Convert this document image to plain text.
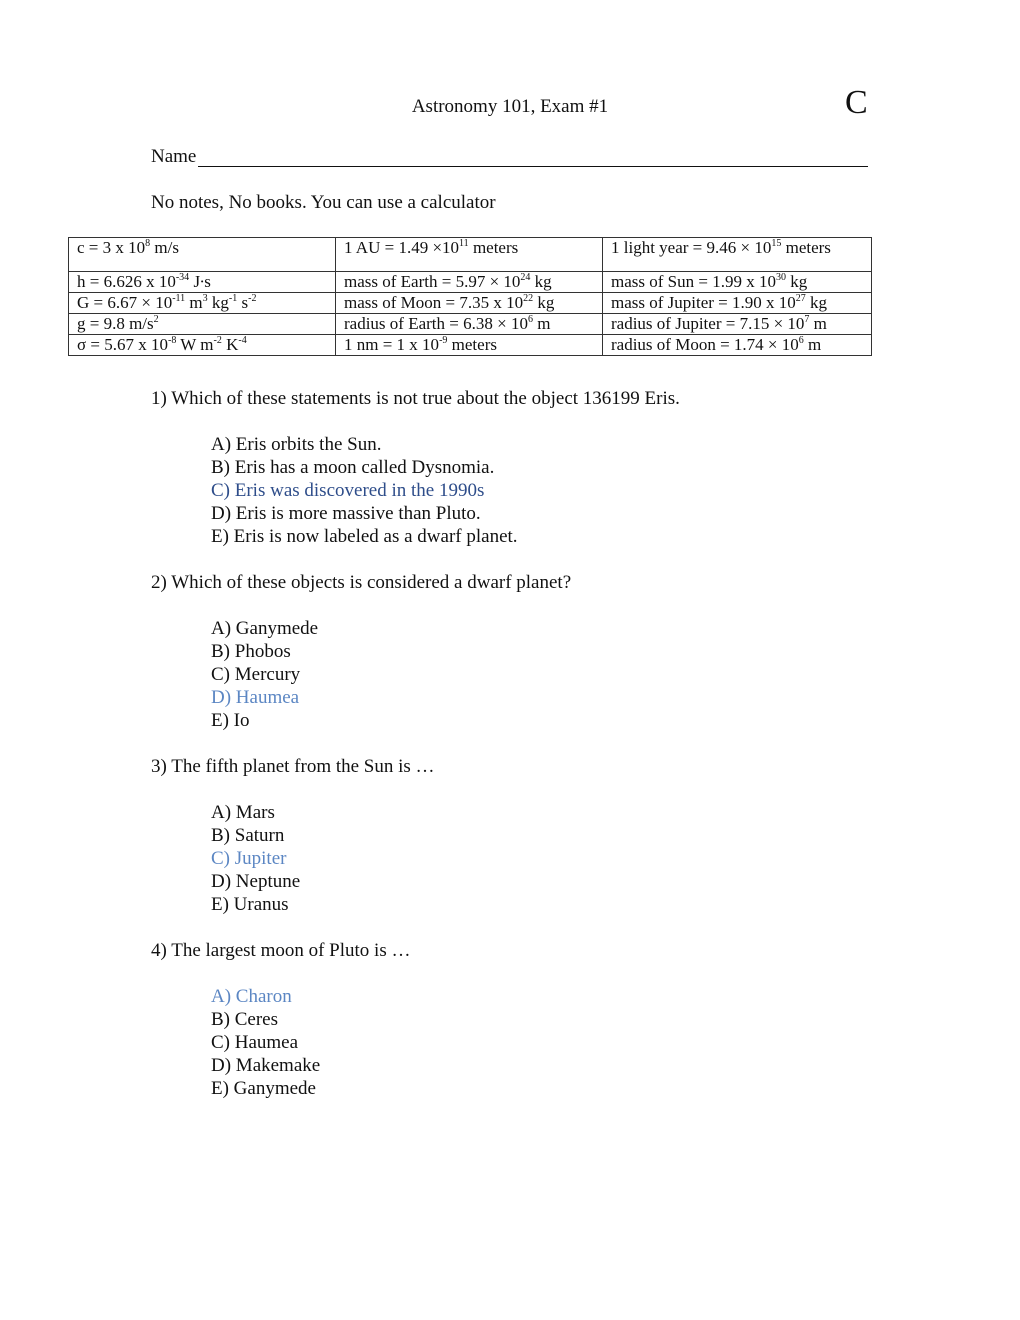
Astronomy 101, Exam #1	C
Name
No notes, No books. You can use a calculator
c = 3 x $10^8$ m/s	1 AU = $1.49 \times 10^{11}$ meters	1 light year = $9.46 \times 10^{15}$ meters
h = 6.626 x $10^{-34}$ J∙s	mass of Earth = $5.97 \times 10^{24}$ kg	mass of Sun = 1.99 x $10^{30}$ kg
$G = 6.67 \times 10^{-11}$ $m^3$ $kg^{-1}$ $s^{-2}$	mass of Moon = 7.35 x $10^{22}$ kg	mass of Jupiter = 1.90 x $10^{27}$ kg
g = 9.8 $m/s^2$	radius of Earth = $6.38 \times 10^6$ m	radius of Jupiter = $7.15 \times 10^7$ m
σ = 5.67 x $10^{-8}$ W $m^{-2}$ $K^{-4}$	1 nm = 1 x $10^{-9}$ meters	radius of Moon = $1.74 \times 10^6$ m
1) Which of these statements is not true about the object 136199 Eris.
A) Eris orbits the Sun.
B) Eris has a moon called Dysnomia.
C) Eris was discovered in the 1990s
D) Eris is more massive than Pluto.
E) Eris is now labeled as a dwarf planet.
2) Which of these objects is considered a dwarf planet?
A) Ganymede
B) Phobos
C) Mercury
D) Haumea
E) Io
3) The fifth planet from the Sun is …
A) Mars
B) Saturn
C) Jupiter
D) Neptune
E) Uranus
4) The largest moon of Pluto is …
A) Charon
B) Ceres
C) Haumea
D) Makemake
E) Ganymede
